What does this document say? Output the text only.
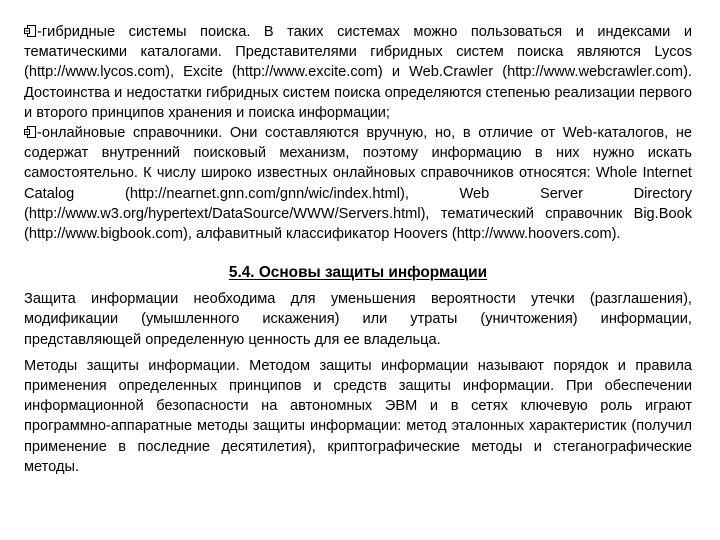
-гибридные системы поиска. В таких системах можно пользоваться и индексами и тематическими каталогами. Представителями гибридных систем поиска являются Lycos (http://www.lycos.com), Excite (http://www.excite.com) и Web.Crawler (http://www.webcrawler.com). Достоинства и недостатки гибридных систем поиска определяются степенью реализации первого и второго принципов хранения и поиска информации;

-онлайновые справочники. Они составляются вручную, но, в отличие от Web-каталогов, не содержат внутренний поисковый механизм, поэтому информацию в них нужно искать самостоятельно. К числу широко известных онлайновых справочников относятся: Whole Internet Catalog (http://nearnet.gnn.com/gnn/wic/index.html), Web Server Directory (http://www.w3.org/hypertext/DataSource/WWW/Servers.html), тематический справочник Big.Book (http://www.bigbook.com), алфавитный классификатор Hoovers (http://www.hoovers.com).

5.4. Основы защиты информации

Защита информации необходима для уменьшения вероятности утечки (разглашения), модификации (умышленного искажения) или утраты (уничтожения) информации, представляющей определенную ценность для ее владельца.

Методы защиты информации. Методом защиты информации называют порядок и правила применения определенных принципов и средств защиты информации. При обеспечении информационной безопасности на автономных ЭВМ и в сетях ключевую роль играют программно-аппаратные методы защиты информации: метод эталонных характеристик (получил применение в последние десятилетия), криптографические методы и стеганографические методы.
